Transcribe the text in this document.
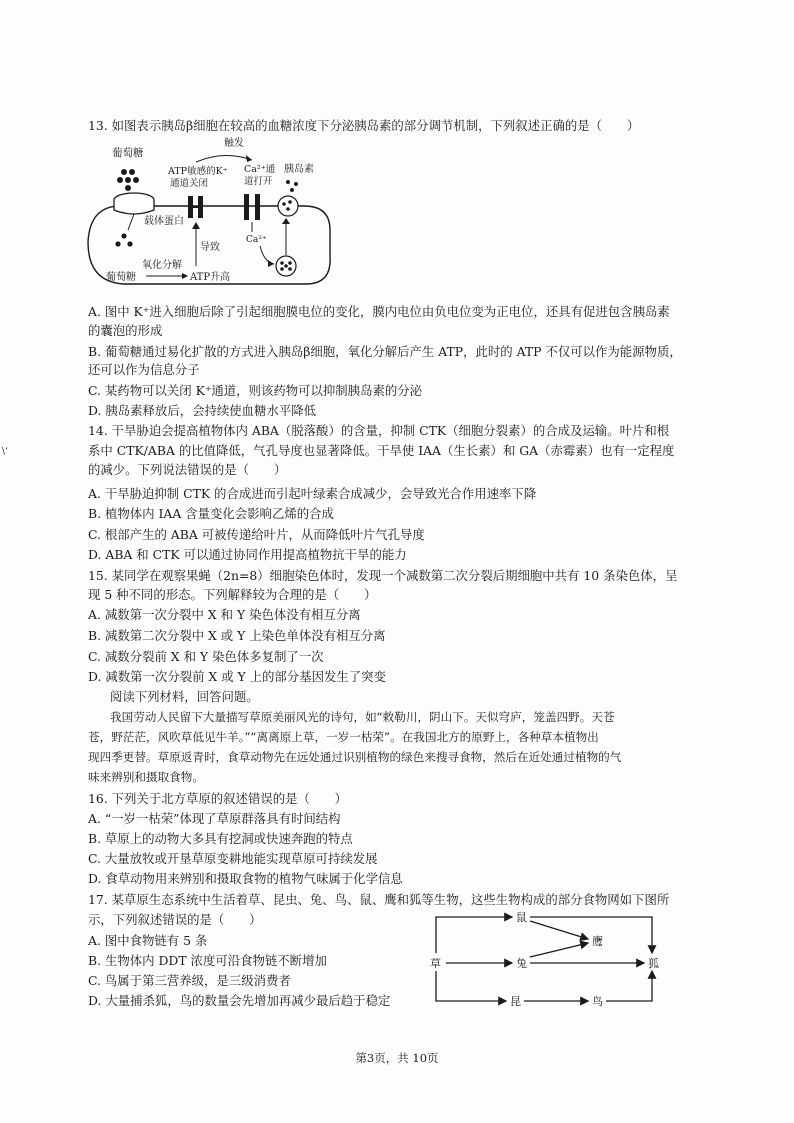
\‘
13. 如图表示胰岛β细胞在较高的血糖浓度下分泌胰岛素的部分调节机制，下列叙述正确的是（　　）
葡萄糖
载体蛋白
ATP敏感的K⁺
通道关闭
Ca²⁺通
道打开
触发
胰岛素
Ca²⁺
葡萄糖
氧化分解
ATP升高
导致
A. 图中 K⁺进入细胞后除了引起细胞膜电位的变化，膜内电位由负电位变为正电位，还具有促进包含胰岛素
的囊泡的形成
B. 葡萄糖通过易化扩散的方式进入胰岛β细胞，氧化分解后产生 ATP，此时的 ATP 不仅可以作为能源物质，
还可以作为信息分子
C. 某药物可以关闭 K⁺通道，则该药物可以抑制胰岛素的分泌
D. 胰岛素释放后，会持续使血糖水平降低
14. 干旱胁迫会提高植物体内 ABA（脱落酸）的含量，抑制 CTK（细胞分裂素）的合成及运输。叶片和根
系中 CTK/ABA 的比值降低，气孔导度也显著降低。干旱使 IAA（生长素）和 GA（赤霉素）也有一定程度
的减少。下列说法错误的是（　　）
A. 干旱胁迫抑制 CTK 的合成进而引起叶绿素合成减少，会导致光合作用速率下降
B. 植物体内 IAA 含量变化会影响乙烯的合成
C. 根部产生的 ABA 可被传递给叶片，从而降低叶片气孔导度
D. ABA 和 CTK 可以通过协同作用提高植物抗干旱的能力
15. 某同学在观察果蝇（2n=8）细胞染色体时，发现一个减数第二次分裂后期细胞中共有 10 条染色体，呈
现 5 种不同的形态。下列解释较为合理的是（　　）
A. 减数第一次分裂中 X 和 Y 染色体没有相互分离
B. 减数第二次分裂中 X 或 Y 上染色单体没有相互分离
C. 减数分裂前 X 和 Y 染色体多复制了一次
D. 减数第一次分裂前 X 或 Y 上的部分基因发生了突变
阅读下列材料，回答问题。
我国劳动人民留下大量描写草原美丽风光的诗句，如“敕勒川，阴山下。天似穹庐，笼盖四野。天苍
苍，野茫茫，风吹草低见牛羊。”“离离原上草，一岁一枯荣”。在我国北方的原野上，各种草本植物出
现四季更替。草原返青时，食草动物先在远处通过识别植物的绿色来搜寻食物，然后在近处通过植物的气
味来辨别和摄取食物。
16. 下列关于北方草原的叙述错误的是（　　）
A. “一岁一枯荣”体现了草原群落具有时间结构
B. 草原上的动物大多具有挖洞或快速奔跑的特点
C. 大量放牧或开垦草原变耕地能实现草原可持续发展
D. 食草动物用来辨别和摄取食物的植物气味属于化学信息
17. 某草原生态系统中生活着草、昆虫、兔、鸟、鼠、鹰和狐等生物，这些生物构成的部分食物网如下图所
示，下列叙述错误的是（　　）
A. 图中食物链有 5 条
B. 生物体内 DDT 浓度可沿食物链不断增加
C. 鸟属于第三营养级，是三级消费者
D. 大量捕杀狐，鸟的数量会先增加再减少最后趋于稳定
草
鼠
兔
鹰
狐
昆	鸟
第3页，共 10页
